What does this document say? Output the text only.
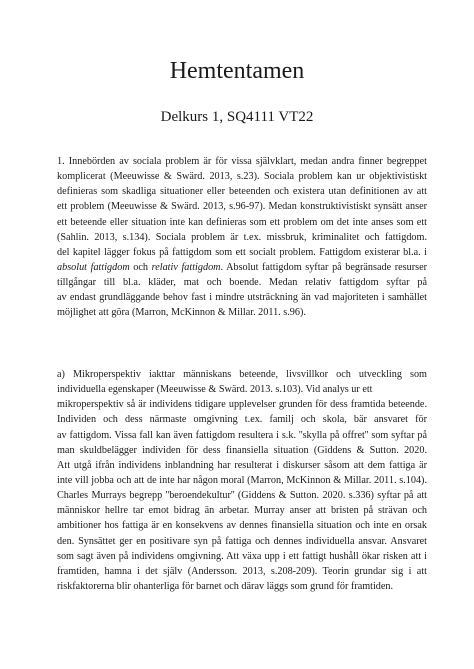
Hemtentamen
Delkurs 1, SQ4111 VT22
1. Innebörden av sociala problem är för vissa självklart, medan andra finner begreppet
komplicerat (Meeuwisse & Swärd. 2013, s.23). Sociala problem kan ur objektivistiskt
definieras som skadliga situationer eller beteenden och existera utan definitionen av att
ett problem (Meeuwisse & Swärd. 2013, s.96-97). Medan konstruktivistiskt synsätt anser
ett beteende eller situation inte kan definieras som ett problem om det inte anses som ett
(Sahlin. 2013, s.134). Sociala problem är t.ex. missbruk, kriminalitet och fattigdom.
del kapitel lägger fokus på fattigdom som ett socialt problem. Fattigdom existerar bl.a. i
absolut fattigdom och relativ fattigdom. Absolut fattigdom syftar på begränsade resurser
tillgångar till bl.a. kläder, mat och boende. Medan relativ fattigdom syftar på
av endast grundläggande behov fast i mindre utsträckning än vad majoriteten i samhället
möjlighet att göra (Marron, McKinnon & Millar. 2011. s.96).
a) Mikroperspektiv iakttar människans beteende, livsvillkor och utveckling som
individuella egenskaper (Meeuwisse & Swärd. 2013. s.103). Vid analys ur ett
mikroperspektiv så är individens tidigare upplevelser grunden för dess framtida beteende.
Individen och dess närmaste omgivning t.ex. familj och skola, bär ansvaret för
av fattigdom. Vissa fall kan även fattigdom resultera i s.k. ''skylla på offret'' som syftar på
man skuldbelägger individen för dess finansiella situation (Giddens & Sutton. 2020.
Att utgå ifrån individens inblandning har resulterat i diskurser såsom att dem fattiga är
inte vill jobba och att de inte har någon moral (Marron, McKinnon & Millar. 2011. s.104).
Charles Murrays begrepp ''beroendekultur'' (Giddens & Sutton. 2020. s.336) syftar på att
människor hellre tar emot bidrag än arbetar. Murray anser att bristen på strävan och
ambitioner hos fattiga är en konsekvens av dennes finansiella situation och inte en orsak
den. Synsättet ger en positivare syn på fattiga och dennes individuella ansvar. Ansvaret
som sagt även på individens omgivning. Att växa upp i ett fattigt hushåll ökar risken att i
framtiden, hamna i det själv (Andersson. 2013, s.208-209). Teorin grundar sig i att
riskfaktorerna blir ohanterliga för barnet och därav läggs som grund för framtiden.
